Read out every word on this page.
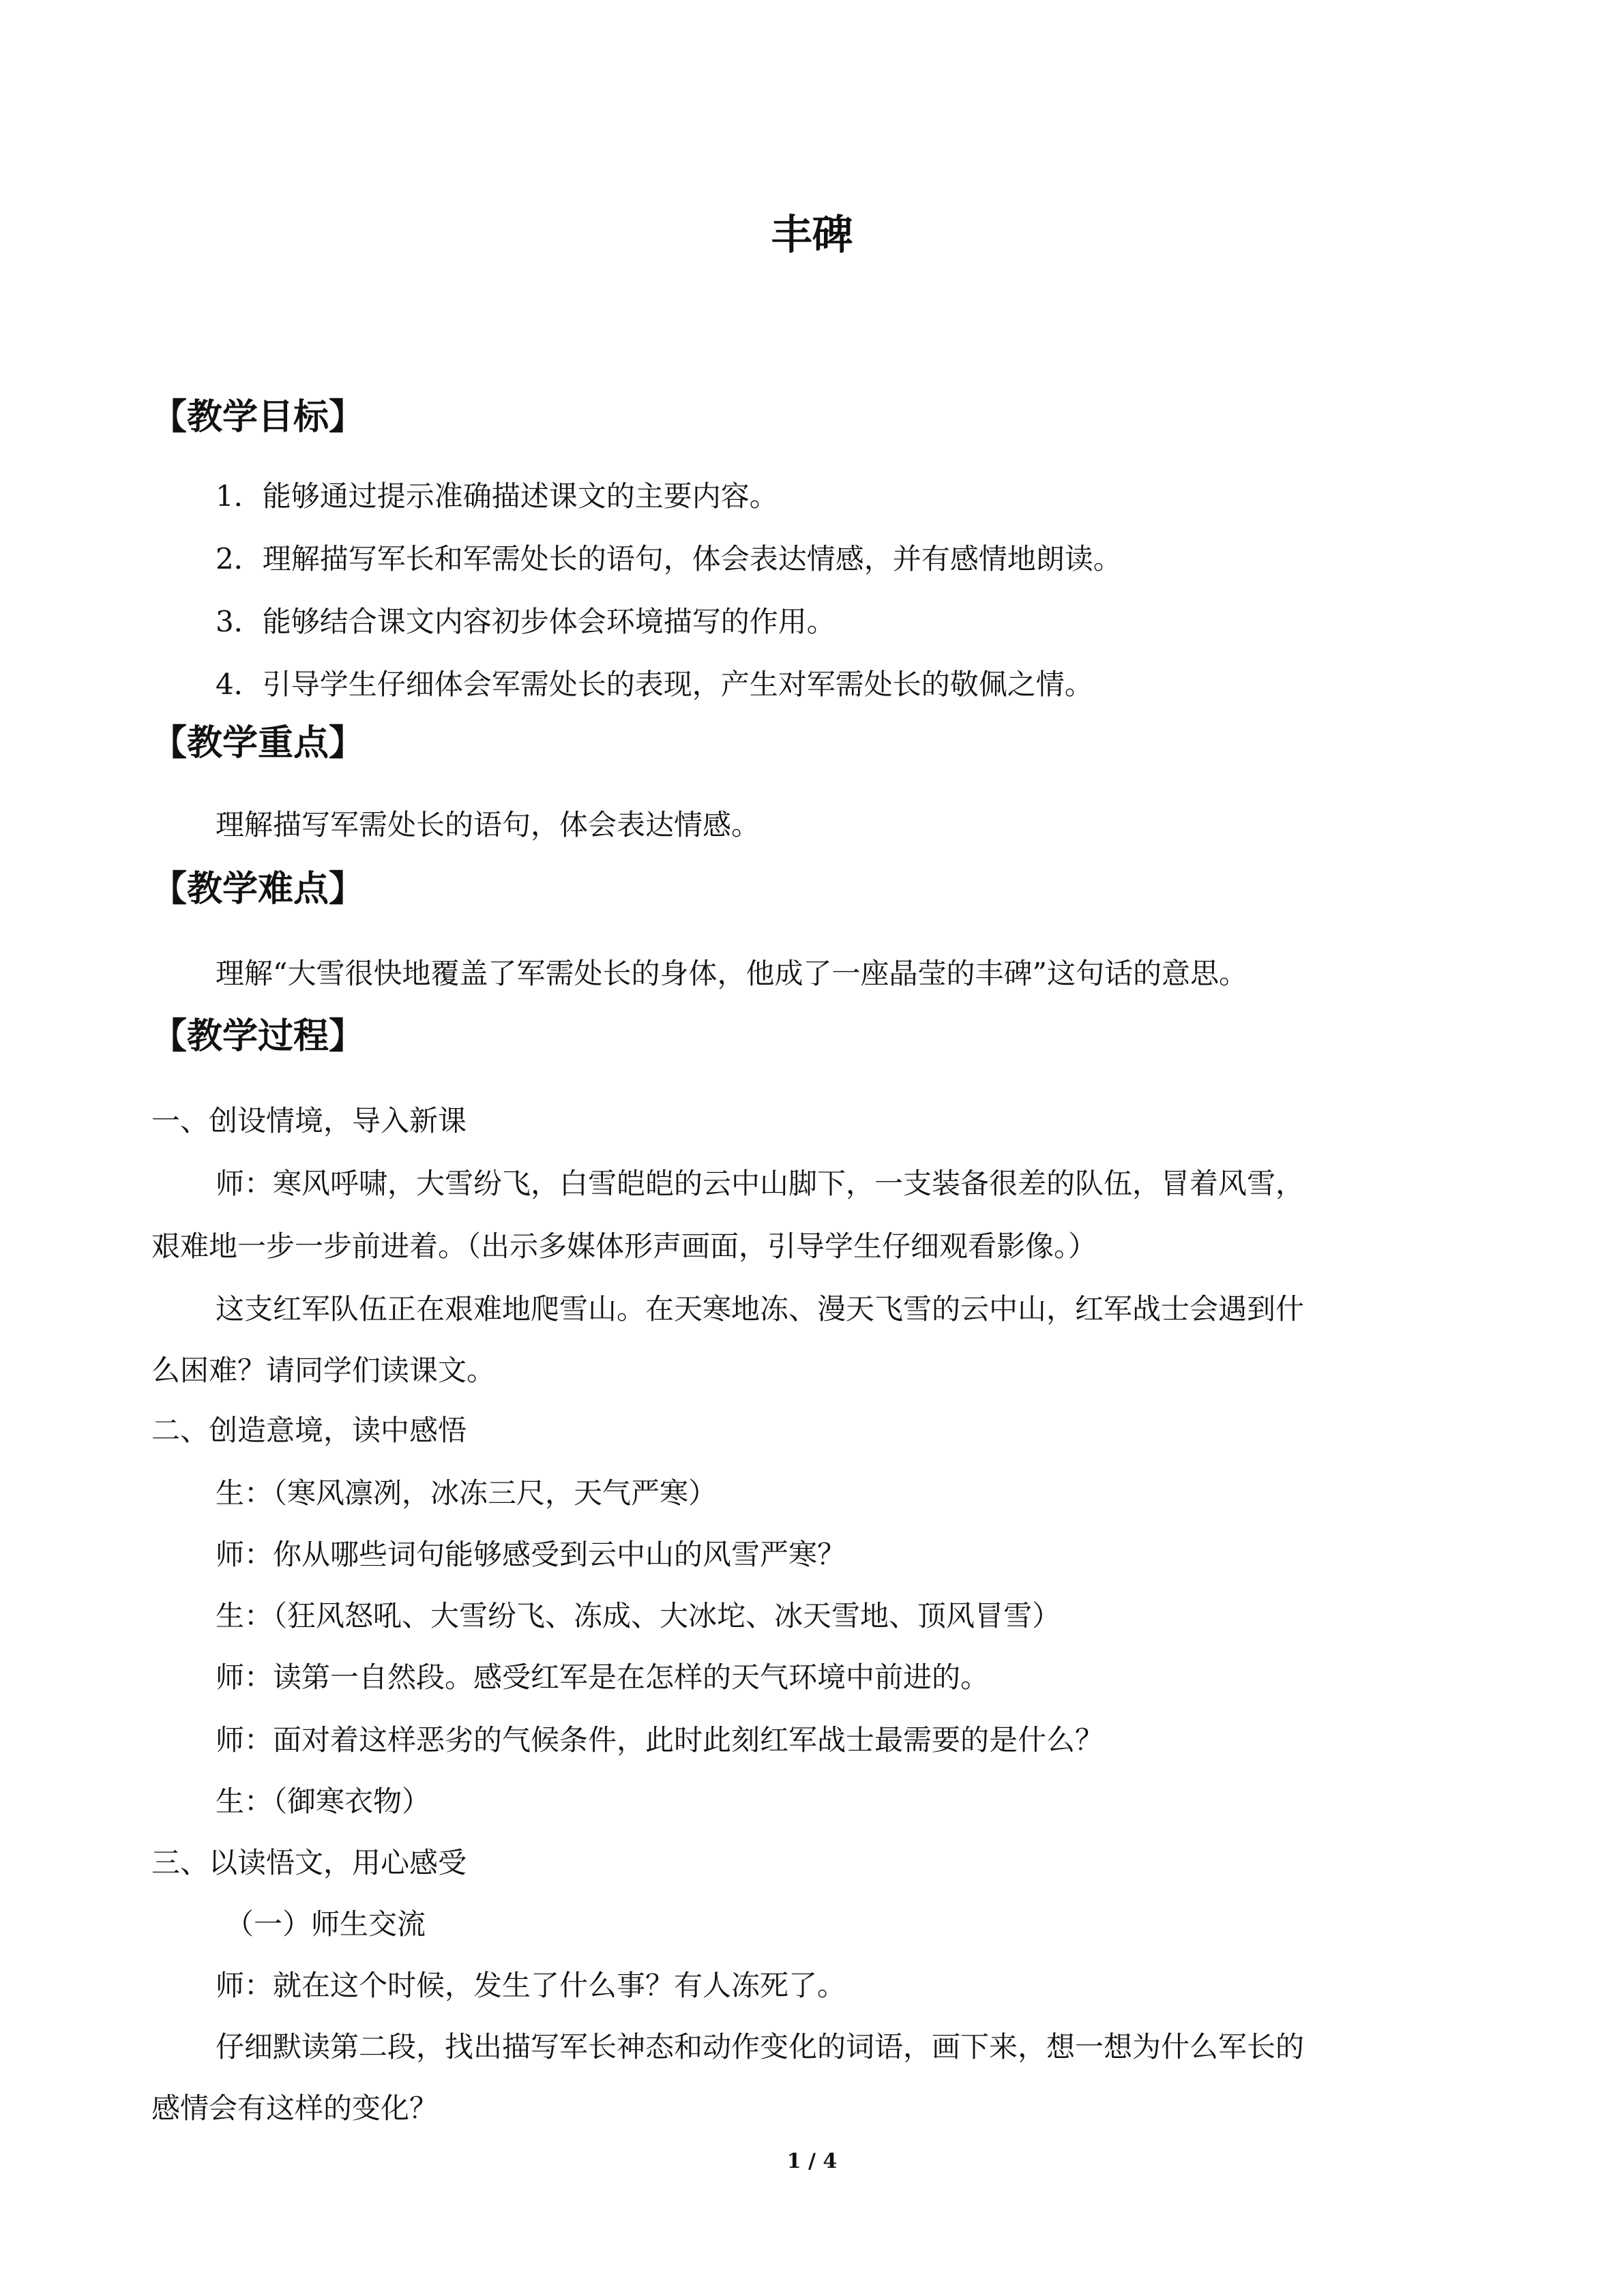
丰碑
【教学目标】

1．能够通过提示准确描述课文的主要内容。

2．理解描写军长和军需处长的语句，体会表达情感，并有感情地朗读。

3．能够结合课文内容初步体会环境描写的作用。

4．引导学生仔细体会军需处长的表现，产生对军需处长的敬佩之情。

【教学重点】

理解描写军需处长的语句，体会表达情感。

【教学难点】

理解“大雪很快地覆盖了军需处长的身体，他成了一座晶莹的丰碑”这句话的意思。

【教学过程】

一、创设情境，导入新课

师：寒风呼啸，大雪纷飞，白雪皑皑的云中山脚下，一支装备很差的队伍，冒着风雪，

艰难地一步一步前进着。（出示多媒体形声画面，引导学生仔细观看影像。）

这支红军队伍正在艰难地爬雪山。在天寒地冻、漫天飞雪的云中山，红军战士会遇到什

么困难？请同学们读课文。

二、创造意境，读中感悟

生：（寒风凛冽，冰冻三尺，天气严寒）

师：你从哪些词句能够感受到云中山的风雪严寒？

生：（狂风怒吼、大雪纷飞、冻成、大冰坨、冰天雪地、顶风冒雪）

师：读第一自然段。感受红军是在怎样的天气环境中前进的。

师：面对着这样恶劣的气候条件，此时此刻红军战士最需要的是什么？

生：（御寒衣物）

三、以读悟文，用心感受

（一）师生交流

师：就在这个时候，发生了什么事？有人冻死了。

仔细默读第二段，找出描写军长神态和动作变化的词语，画下来，想一想为什么军长的

感情会有这样的变化？

1 / 4
